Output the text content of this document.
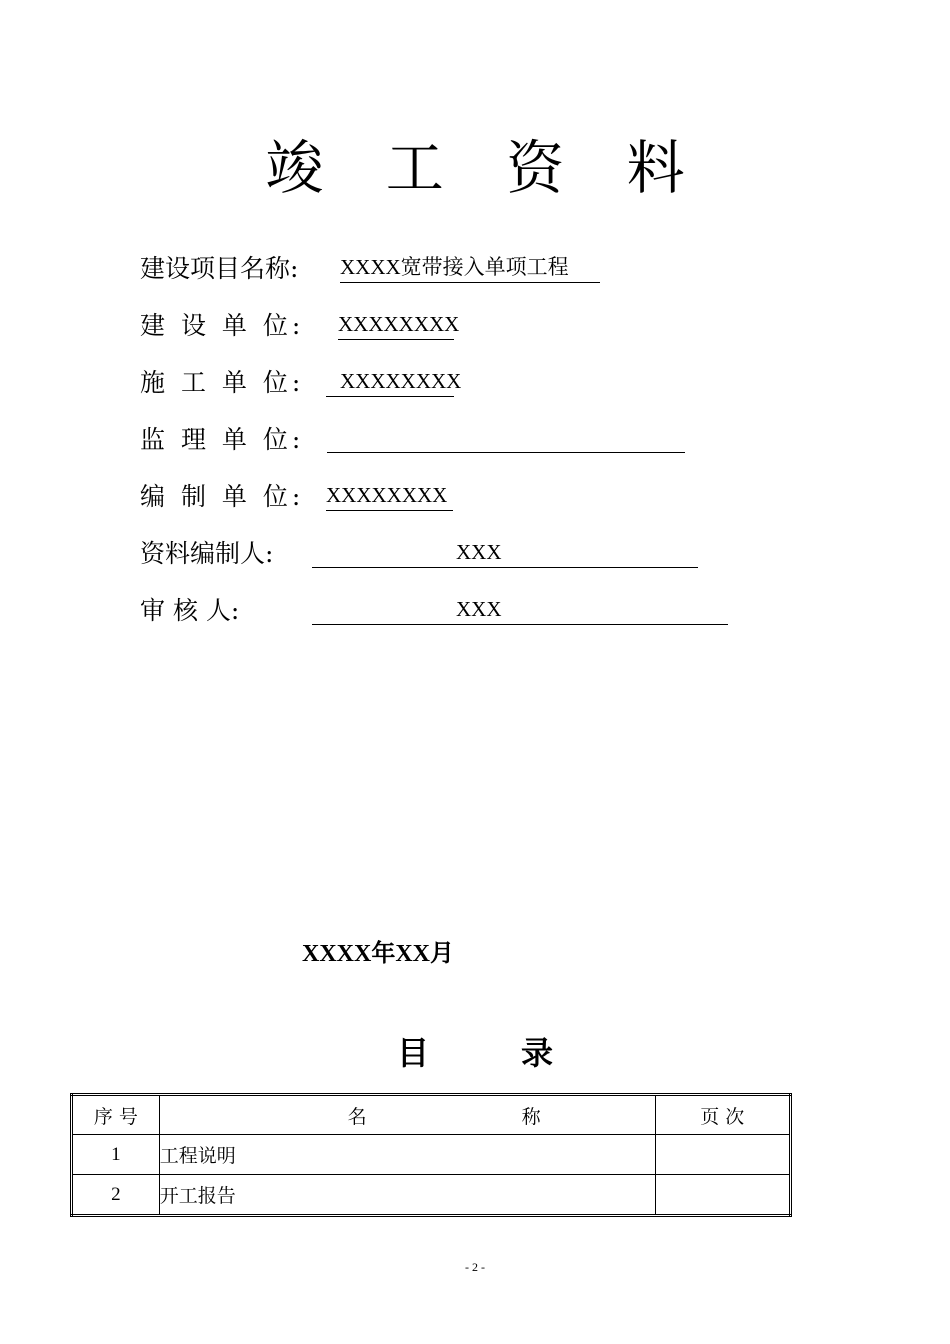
竣 工 资 料
建设项目名称: XXXX宽带接入单项工程
建 设 单 位: XXXXXXXX
施 工 单 位:	XXXXXXXX
监 理 单 位:
编 制 单 位: XXXXXXXX
资料编制人:	XXX
审 核 人:	XXX
XXXX年XX月
目	录
序 号	名 称	页 次
1	工程说明	
2	开工报告	
- 2 -
